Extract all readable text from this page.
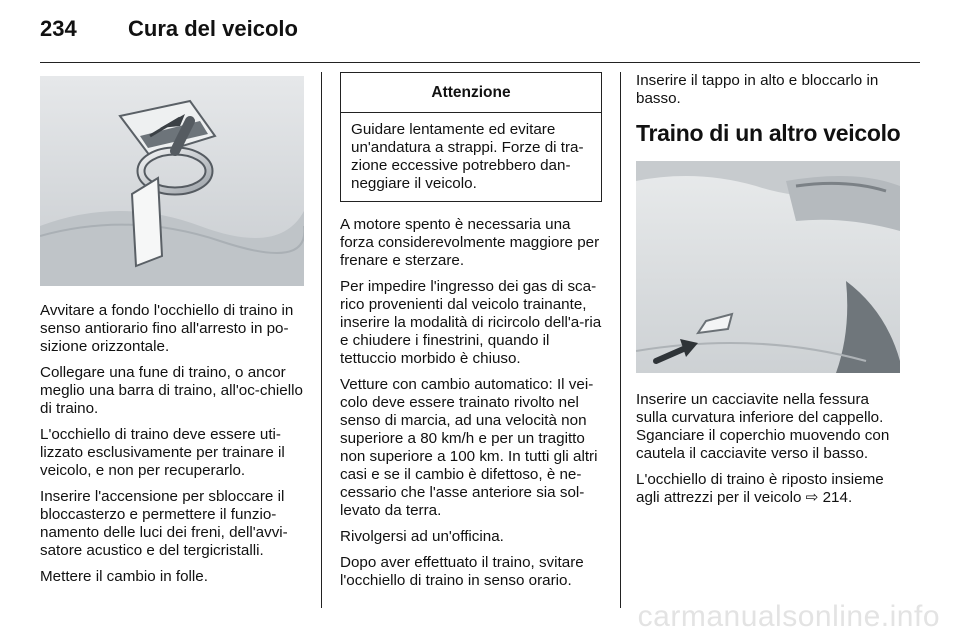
234 Cura del veicolo

Avvitare a fondo l'occhiello di traino in senso antiorario fino all'arresto in po-sizione orizzontale.

Collegare una fune di traino, o ancor meglio una barra di traino, all'oc-chiello di traino.

L'occhiello di traino deve essere uti-lizzato esclusivamente per trainare il veicolo, e non per recuperarlo.

Inserire l'accensione per sbloccare il bloccasterzo e permettere il funzio-namento delle luci dei freni, dell'avvi-satore acustico e del tergicristalli.

Mettere il cambio in folle.

Attenzione
Guidare lentamente ed evitare un'andatura a strappi. Forze di tra-zione eccessive potrebbero dan-neggiare il veicolo.

A motore spento è necessaria una forza considerevolmente maggiore per frenare e sterzare.

Per impedire l'ingresso dei gas di sca-rico provenienti dal veicolo trainante, inserire la modalità di ricircolo dell'a-ria e chiudere i finestrini, quando il tettuccio morbido è chiuso.

Vetture con cambio automatico: Il vei-colo deve essere trainato rivolto nel senso di marcia, ad una velocità non superiore a 80 km/h e per un tragitto non superiore a 100 km. In tutti gli altri casi e se il cambio è difettoso, è ne-cessario che l'asse anteriore sia sol-levato da terra.

Rivolgersi ad un'officina.

Dopo aver effettuato il traino, svitare l'occhiello di traino in senso orario.

Inserire il tappo in alto e bloccarlo in basso.

Traino di un altro veicolo

Inserire un cacciavite nella fessura sulla curvatura inferiore del cappello. Sganciare il coperchio muovendo con cautela il cacciavite verso il basso.

L'occhiello di traino è riposto insieme agli attrezzi per il veicolo ⇨ 214.

carmanualsonline.info
